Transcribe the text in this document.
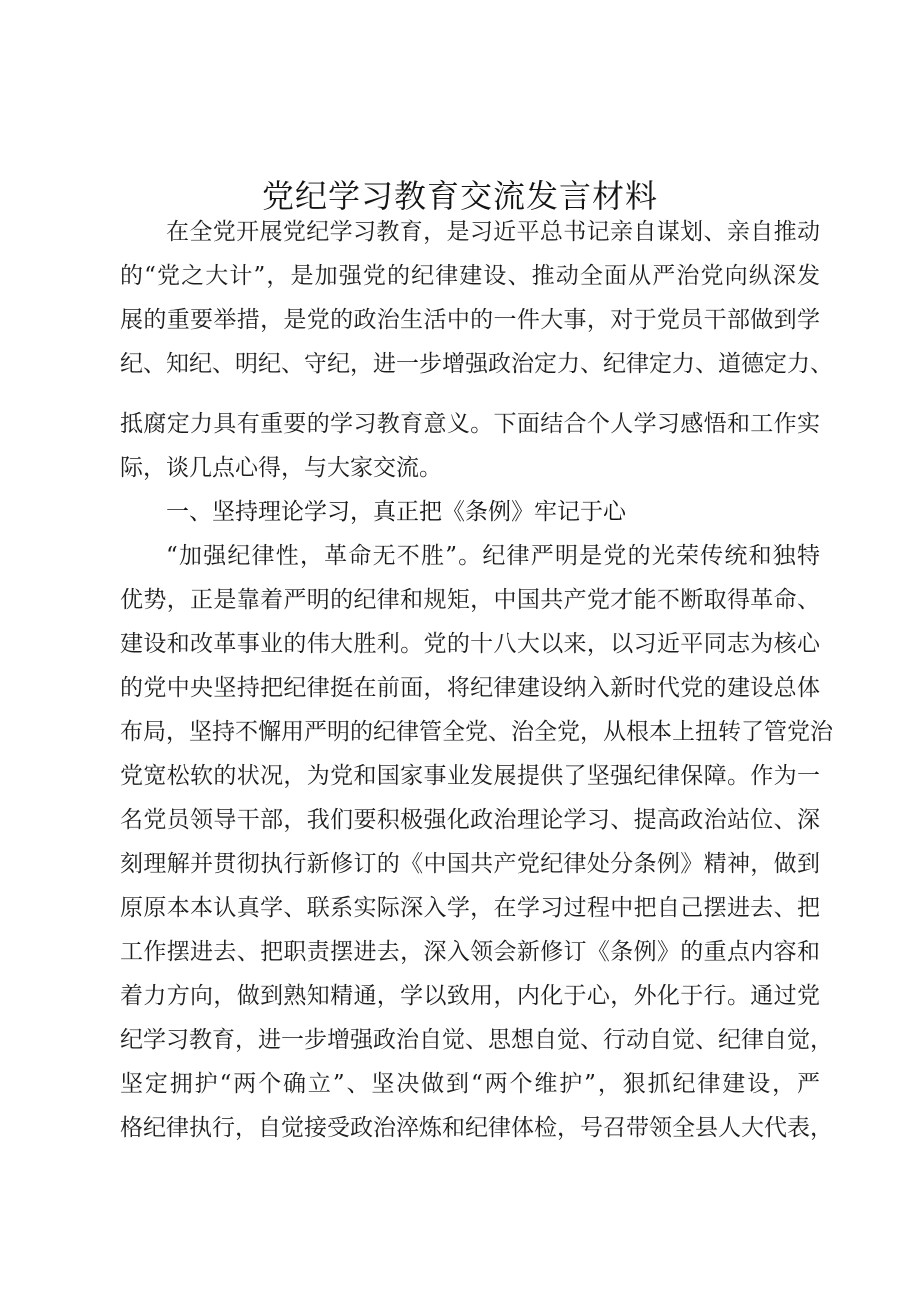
党纪学习教育交流发言材料
在全党开展党纪学习教育，是习近平总书记亲自谋划、亲自推动
的“党之大计”，是加强党的纪律建设、推动全面从严治党向纵深发
展的重要举措，是党的政治生活中的一件大事，对于党员干部做到学
纪、知纪、明纪、守纪，进一步增强政治定力、纪律定力、道德定力、
抵腐定力具有重要的学习教育意义。下面结合个人学习感悟和工作实
际，谈几点心得，与大家交流。
一、坚持理论学习，真正把《条例》牢记于心
“加强纪律性，革命无不胜”。纪律严明是党的光荣传统和独特
优势，正是靠着严明的纪律和规矩，中国共产党才能不断取得革命、
建设和改革事业的伟大胜利。党的十八大以来，以习近平同志为核心
的党中央坚持把纪律挺在前面，将纪律建设纳入新时代党的建设总体
布局，坚持不懈用严明的纪律管全党、治全党，从根本上扭转了管党治
党宽松软的状况，为党和国家事业发展提供了坚强纪律保障。作为一
名党员领导干部，我们要积极强化政治理论学习、提高政治站位、深
刻理解并贯彻执行新修订的《中国共产党纪律处分条例》精神，做到
原原本本认真学、联系实际深入学，在学习过程中把自己摆进去、把
工作摆进去、把职责摆进去，深入领会新修订《条例》的重点内容和
着力方向，做到熟知精通，学以致用，内化于心，外化于行。通过党
纪学习教育，进一步增强政治自觉、思想自觉、行动自觉、纪律自觉，
坚定拥护“两个确立”、坚决做到“两个维护”，狠抓纪律建设，严
格纪律执行，自觉接受政治淬炼和纪律体检，号召带领全县人大代表，
